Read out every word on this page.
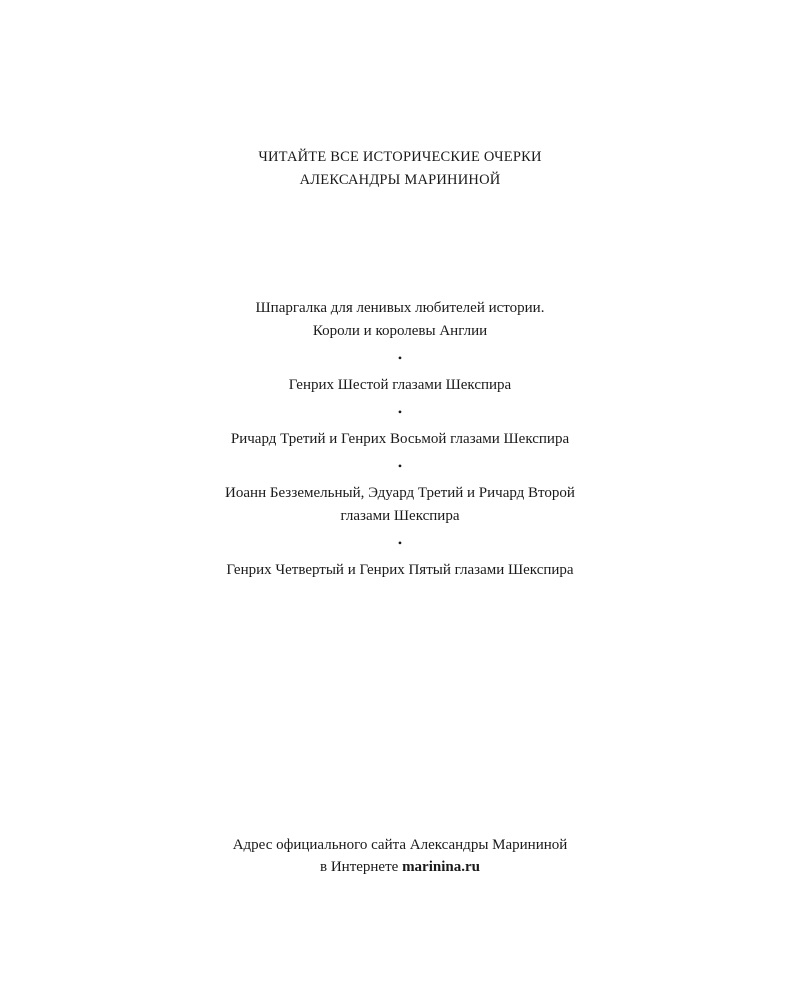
ЧИТАЙТЕ ВСЕ ИСТОРИЧЕСКИЕ ОЧЕРКИ
АЛЕКСАНДРЫ МАРИНИНОЙ
Шпаргалка для ленивых любителей истории.
Короли и королевы Англии
•
Генрих Шестой глазами Шекспира
•
Ричард Третий и Генрих Восьмой глазами Шекспира
•
Иоанн Безземельный, Эдуард Третий и Ричард Второй
глазами Шекспира
•
Генрих Четвертый и Генрих Пятый глазами Шекспира
Адрес официального сайта Александры Марининой
в Интернете marinina.ru
